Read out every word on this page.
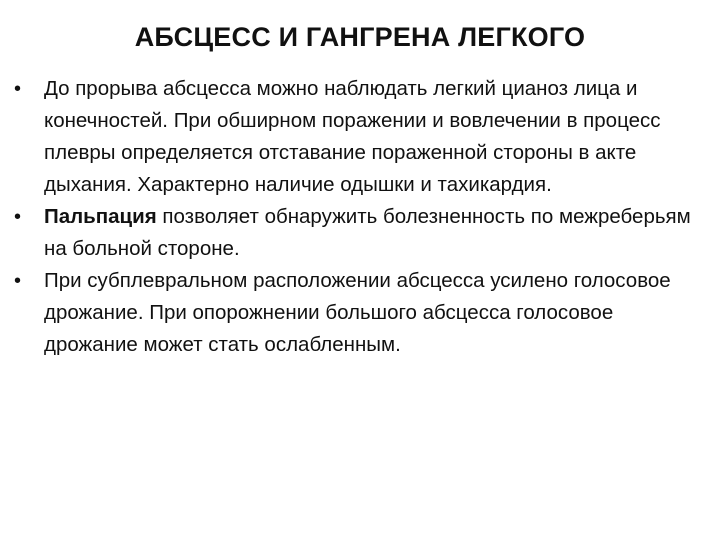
АБСЦЕСС И ГАНГРЕНА ЛЕГКОГО
•	До прорыва абсцесса можно наблюдать легкий цианоз лица и конечностей. При обширном поражении и вовлечении в процесс плевры определяется отставание пораженной стороны в акте дыхания. Характерно наличие одышки и тахикардия.
•	Пальпация позволяет обнаружить болезненность по межреберьям на больной стороне.
•	При субплевральном расположении абсцесса усилено голосовое дрожание. При опорожнении большого абсцесса голосовое дрожание может стать ослабленным.
